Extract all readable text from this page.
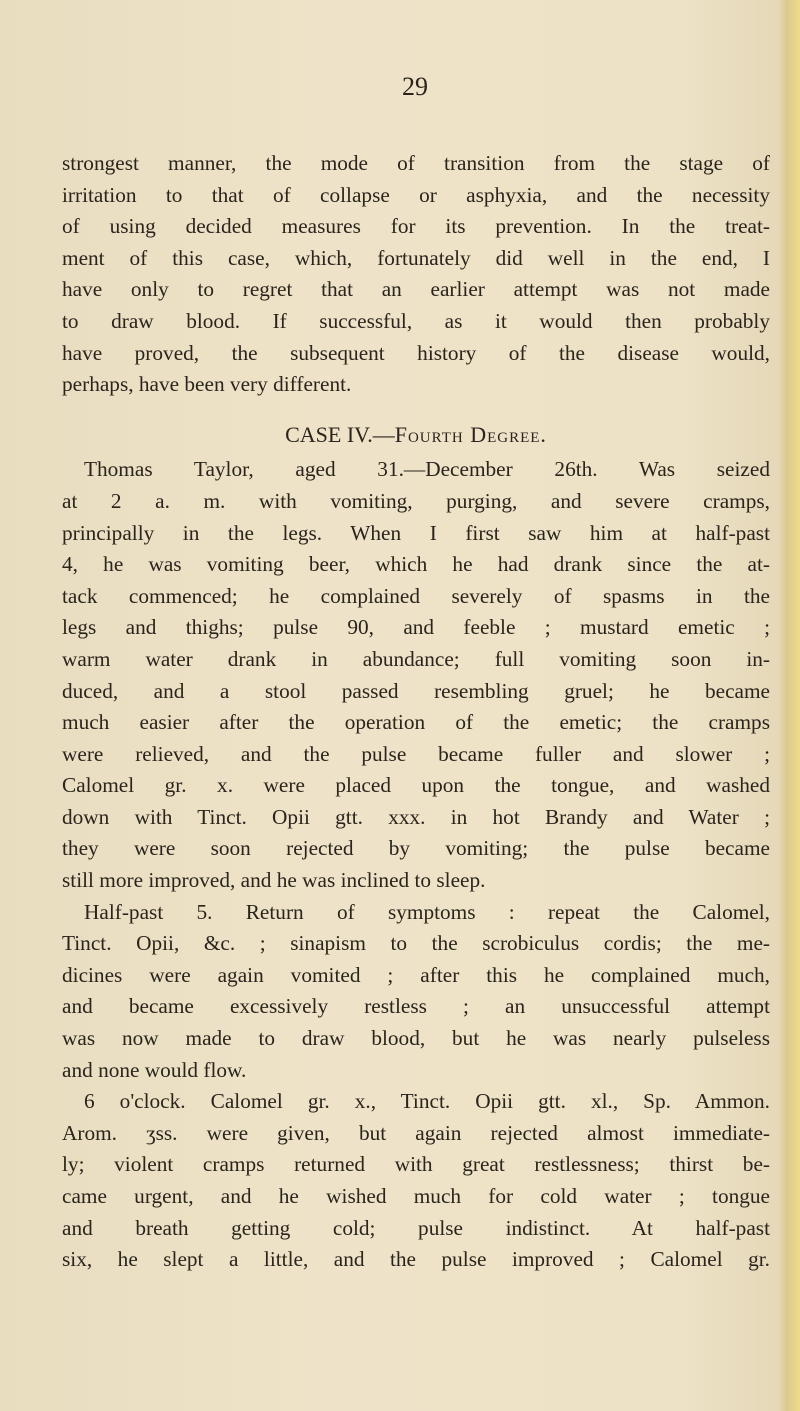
29
strongest manner, the mode of transition from the stage of
irritation to that of collapse or asphyxia, and the necessity
of using decided measures for its prevention. In the treat-
ment of this case, which, fortunately did well in the end, I
have only to regret that an earlier attempt was not made
to draw blood. If successful, as it would then probably
have proved, the subsequent history of the disease would,
perhaps, have been very different.
CASE IV.—Fourth Degree.
Thomas Taylor, aged 31.—December 26th. Was seized
at 2 a. m. with vomiting, purging, and severe cramps,
principally in the legs. When I first saw him at half-past
4, he was vomiting beer, which he had drank since the at-
tack commenced; he complained severely of spasms in the
legs and thighs; pulse 90, and feeble ; mustard emetic ;
warm water drank in abundance; full vomiting soon in-
duced, and a stool passed resembling gruel; he became
much easier after the operation of the emetic; the cramps
were relieved, and the pulse became fuller and slower ;
Calomel gr. x. were placed upon the tongue, and washed
down with Tinct. Opii gtt. xxx. in hot Brandy and Water ;
they were soon rejected by vomiting; the pulse became
still more improved, and he was inclined to sleep.
Half-past 5. Return of symptoms : repeat the Calomel,
Tinct. Opii, &c. ; sinapism to the scrobiculus cordis; the me-
dicines were again vomited ; after this he complained much,
and became excessively restless ; an unsuccessful attempt
was now made to draw blood, but he was nearly pulseless
and none would flow.
6 o'clock. Calomel gr. x., Tinct. Opii gtt. xl., Sp. Ammon.
Arom. ʒss. were given, but again rejected almost immediate-
ly; violent cramps returned with great restlessness; thirst be-
came urgent, and he wished much for cold water ; tongue
and breath getting cold; pulse indistinct. At half-past
six, he slept a little, and the pulse improved ; Calomel gr.
